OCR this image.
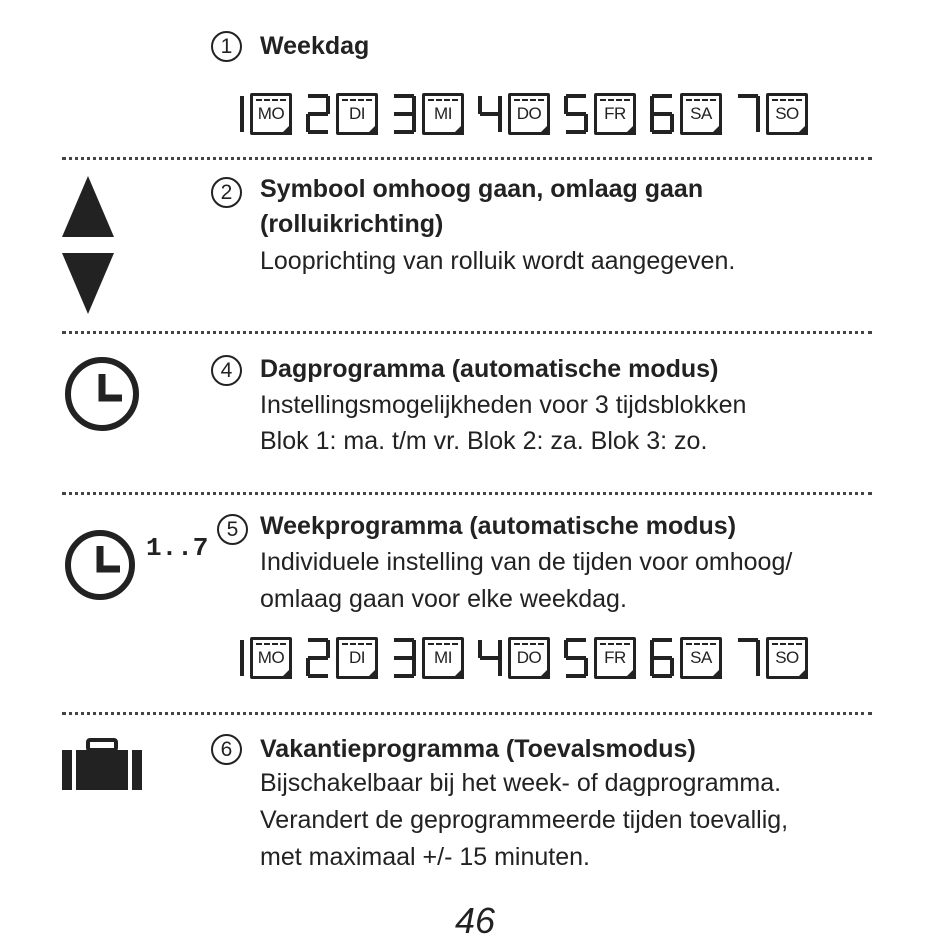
1	Weekdag
MO	DI	MI	DO	FR	SA	SO
2	Symbool omhoog gaan, omlaag gaan
(rolluikrichting)
Looprichting van rolluik wordt aangegeven.
4	Dagprogramma (automatische modus)
Instellingsmogelijkheden voor 3 tijdsblokken
Blok 1: ma. t/m vr. Blok 2: za. Blok 3: zo.
1..7
5 Weekprogramma (automatische modus)
Individuele instelling van de tijden voor omhoog/
omlaag gaan voor elke weekdag.
MO	DI	MI	DO	FR	SA	SO
6	Vakantieprogramma (Toevalsmodus)
Bijschakelbaar bij het week- of dagprogramma.
Verandert de geprogrammeerde tijden toevallig,
met maximaal +/- 15 minuten.
46
